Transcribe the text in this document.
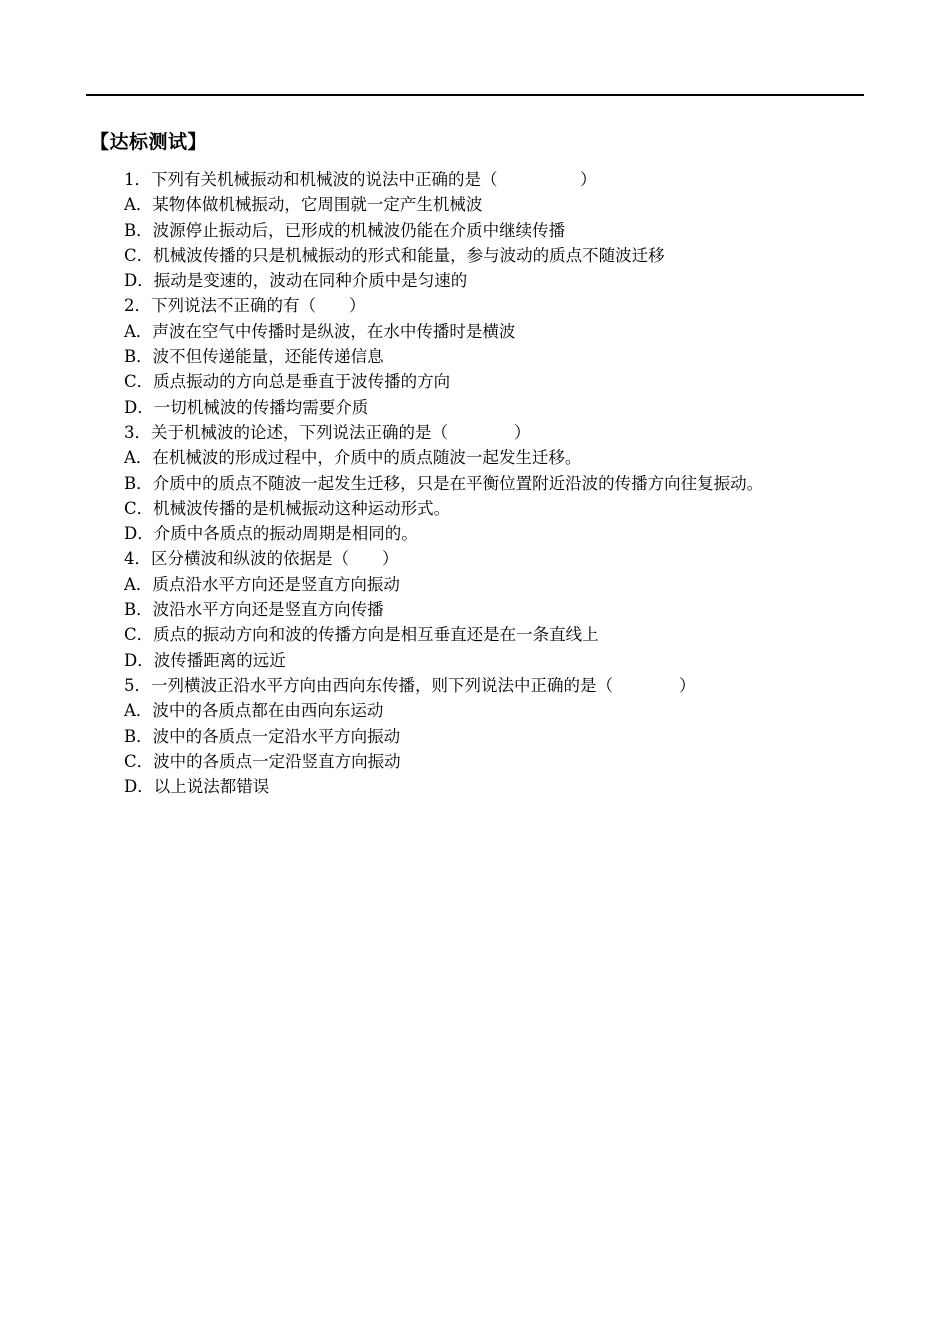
【达标测试】
1．下列有关机械振动和机械波的说法中正确的是（　　　　　）
A．某物体做机械振动，它周围就一定产生机械波
B．波源停止振动后，已形成的机械波仍能在介质中继续传播
C．机械波传播的只是机械振动的形式和能量，参与波动的质点不随波迁移
D．振动是变速的，波动在同种介质中是匀速的
2．下列说法不正确的有（　　）
A．声波在空气中传播时是纵波，在水中传播时是横波
B．波不但传递能量，还能传递信息
C．质点振动的方向总是垂直于波传播的方向
D．一切机械波的传播均需要介质
3．关于机械波的论述，下列说法正确的是（　　　　）
A．在机械波的形成过程中，介质中的质点随波一起发生迁移。
B．介质中的质点不随波一起发生迁移，只是在平衡位置附近沿波的传播方向往复振动。
C．机械波传播的是机械振动这种运动形式。
D．介质中各质点的振动周期是相同的。
4．区分横波和纵波的依据是（　　）
A．质点沿水平方向还是竖直方向振动
B．波沿水平方向还是竖直方向传播
C．质点的振动方向和波的传播方向是相互垂直还是在一条直线上
D．波传播距离的远近
5．一列横波正沿水平方向由西向东传播，则下列说法中正确的是（　　　　）
A．波中的各质点都在由西向东运动
B．波中的各质点一定沿水平方向振动
C．波中的各质点一定沿竖直方向振动
D．以上说法都错误
